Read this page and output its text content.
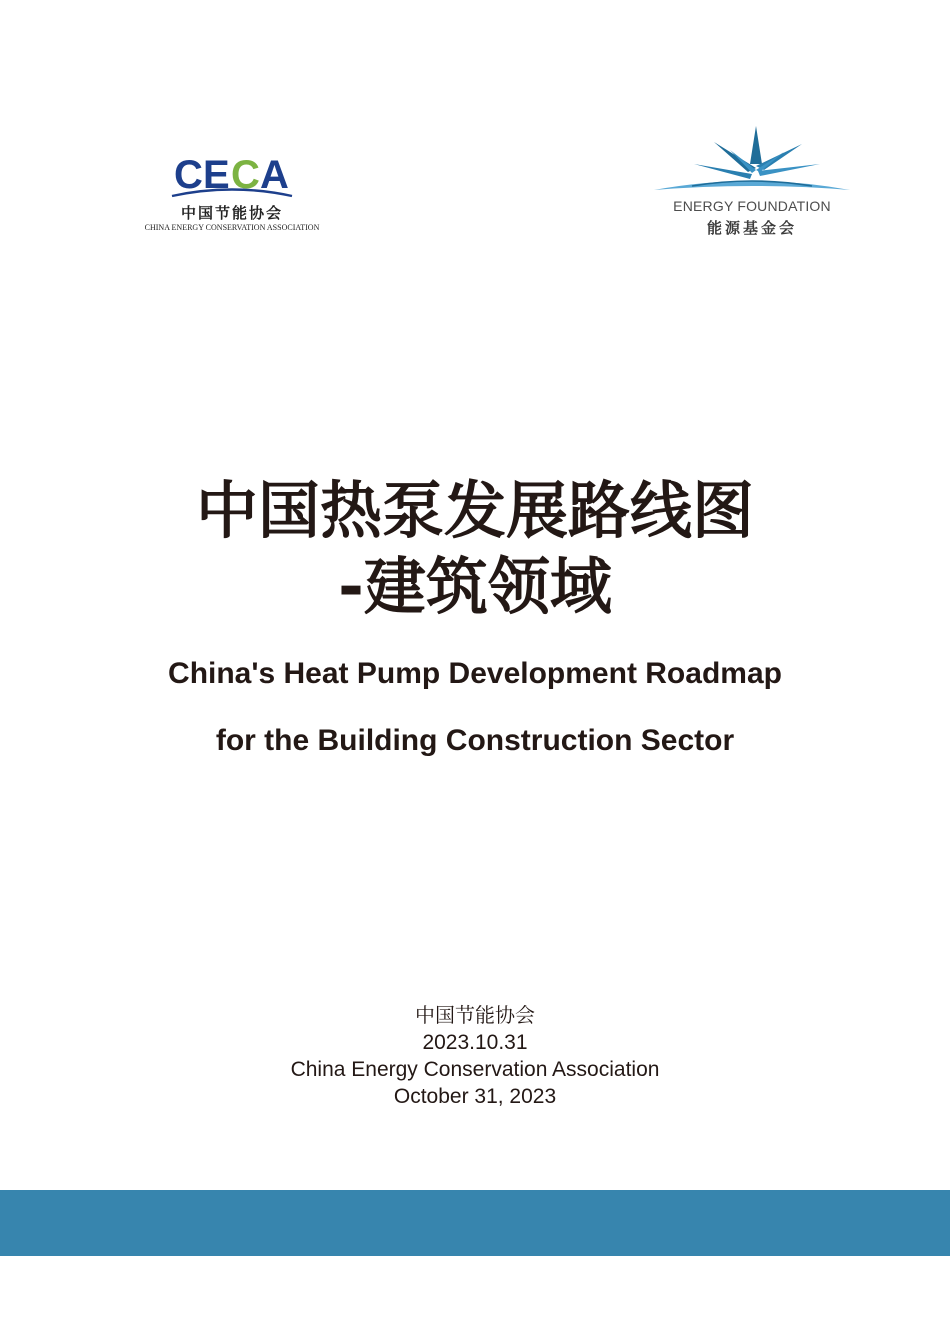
C E C A
中国节能协会
CHINA ENERGY CONSERVATION ASSOCIATION
ENERGY FOUNDATION
能源基金会
中国热泵发展路线图
-建筑领域
China's Heat Pump Development Roadmap
for the Building Construction Sector
中国节能协会
2023.10.31
China Energy Conservation Association
October 31, 2023
